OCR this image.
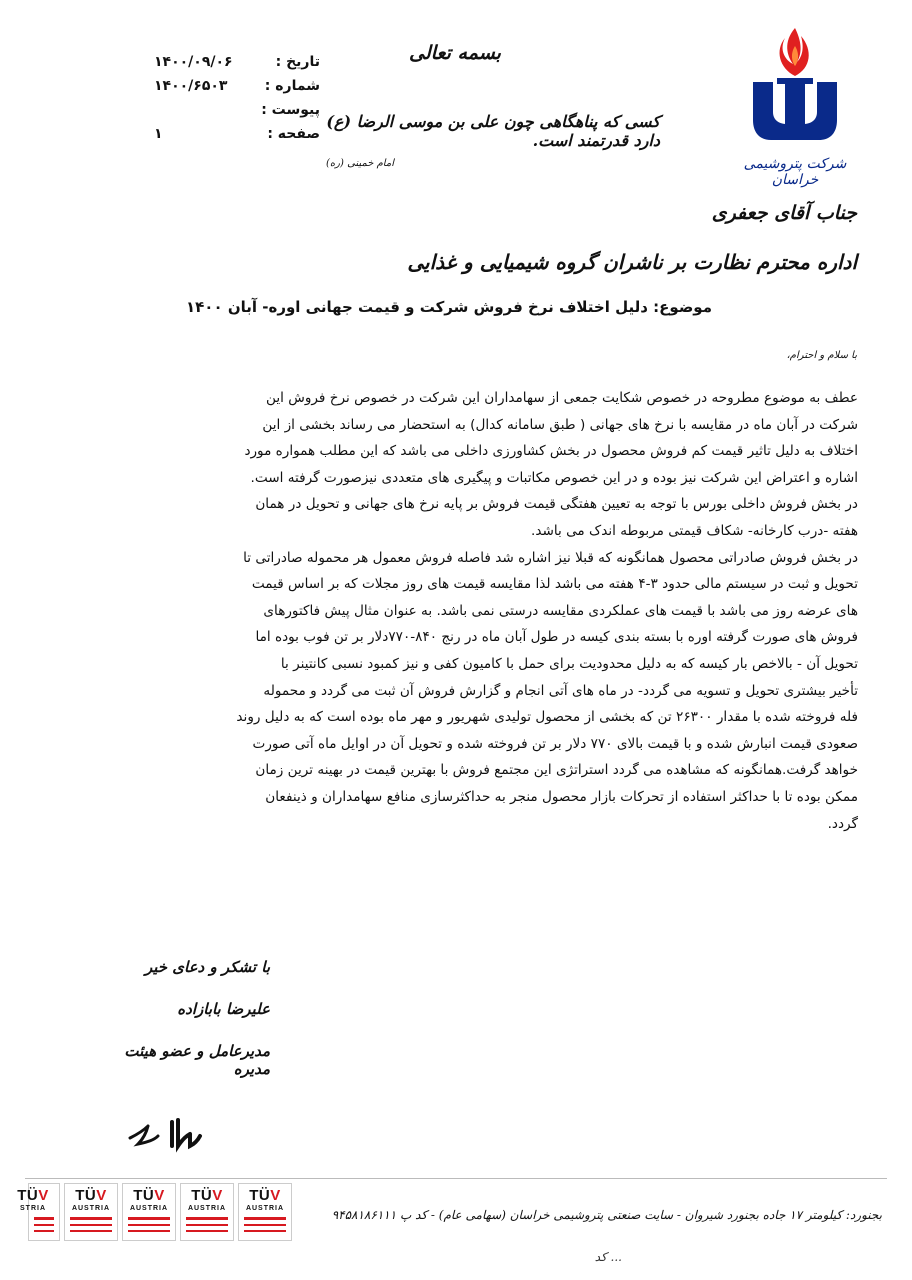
شرکت پتروشیمی خراسان
بسمه تعالی
کسی که پناهگاهی چون علی بن موسی الرضا (ع) دارد قدرتمند است.
امام خمینی (ره)
تاریخ :
۱۴۰۰/۰۹/۰۶
شماره :
۱۴۰۰/۶۵۰۳
پیوست :
صفحه :
۱
جناب آقای جعفری
اداره محترم نظارت بر ناشران گروه شیمیایی و غذایی
موضوع: دلیل اختلاف نرخ فروش شرکت و قیمت جهانی اوره- آبان ۱۴۰۰
با سلام و احترام،

عطف به موضوع مطروحه در خصوص شکایت جمعی از سهامداران این شرکت در خصوص نرخ فروش این

شرکت در آبان ماه در مقایسه با نرخ های جهانی ( طبق سامانه کدال) به استحضار می رساند بخشی از این

اختلاف به دلیل تاثیر قیمت کم فروش محصول در بخش کشاورزی داخلی می باشد که این مطلب همواره مورد

اشاره و اعتراض این شرکت نیز بوده و در این خصوص مکاتبات و پیگیری های متعددی نیزصورت گرفته است.

در بخش فروش داخلی بورس با توجه به تعیین هفتگی قیمت فروش بر پایه نرخ های جهانی و تحویل در همان

هفته -درب کارخانه- شکاف قیمتی مربوطه اندک می باشد.

در بخش فروش صادراتی محصول همانگونه که قبلا نیز اشاره شد فاصله فروش معمول هر محموله صادراتی تا

تحویل و ثبت در سیستم مالی حدود ۳-۴ هفته می باشد لذا مقایسه قیمت های روز مجلات که بر اساس قیمت

های عرضه روز می باشد با قیمت های عملکردی مقایسه درستی نمی باشد. به عنوان مثال پیش فاکتورهای

فروش های صورت گرفته اوره با بسته بندی کیسه در طول آبان ماه در رنج ۸۴۰-۷۷۰دلار بر تن فوب بوده اما

تحویل آن - بالاخص بار کیسه که به دلیل محدودیت برای حمل با کامیون کفی و نیز کمبود نسبی کانتینر با

تأخیر بیشتری تحویل و تسویه می گردد- در ماه های آتی انجام و گزارش فروش آن ثبت می گردد و محموله

فله فروخته شده با مقدار ۲۶۳۰۰ تن که بخشی از محصول تولیدی شهریور و مهر ماه بوده است که به دلیل روند

صعودی قیمت انبارش شده و با قیمت بالای ۷۷۰ دلار بر تن فروخته شده و تحویل آن در اوایل ماه آتی صورت

خواهد گرفت.همانگونه که مشاهده می گردد استراتژی این مجتمع فروش با بهترین قیمت در بهینه ترین زمان

ممکن بوده تا با حداکثر استفاده از تحرکات بازار محصول منجر به حداکثرسازی منافع سهامداران و ذینفعان

گردد.

با تشکر و دعای خیر
علیرضا بابازاده
مدیرعامل و عضو هیئت مدیره
TÜV
STRIA
TÜV
AUSTRIA
TÜV
AUSTRIA
TÜV
AUSTRIA
TÜV
AUSTRIA	بجنورد: کیلومتر ۱۷ جاده بجنورد شیروان - سایت صنعتی پتروشیمی خراسان (سهامی عام) - کد پ ۹۴۵۸۱۸۶۱۱۱
... کد
